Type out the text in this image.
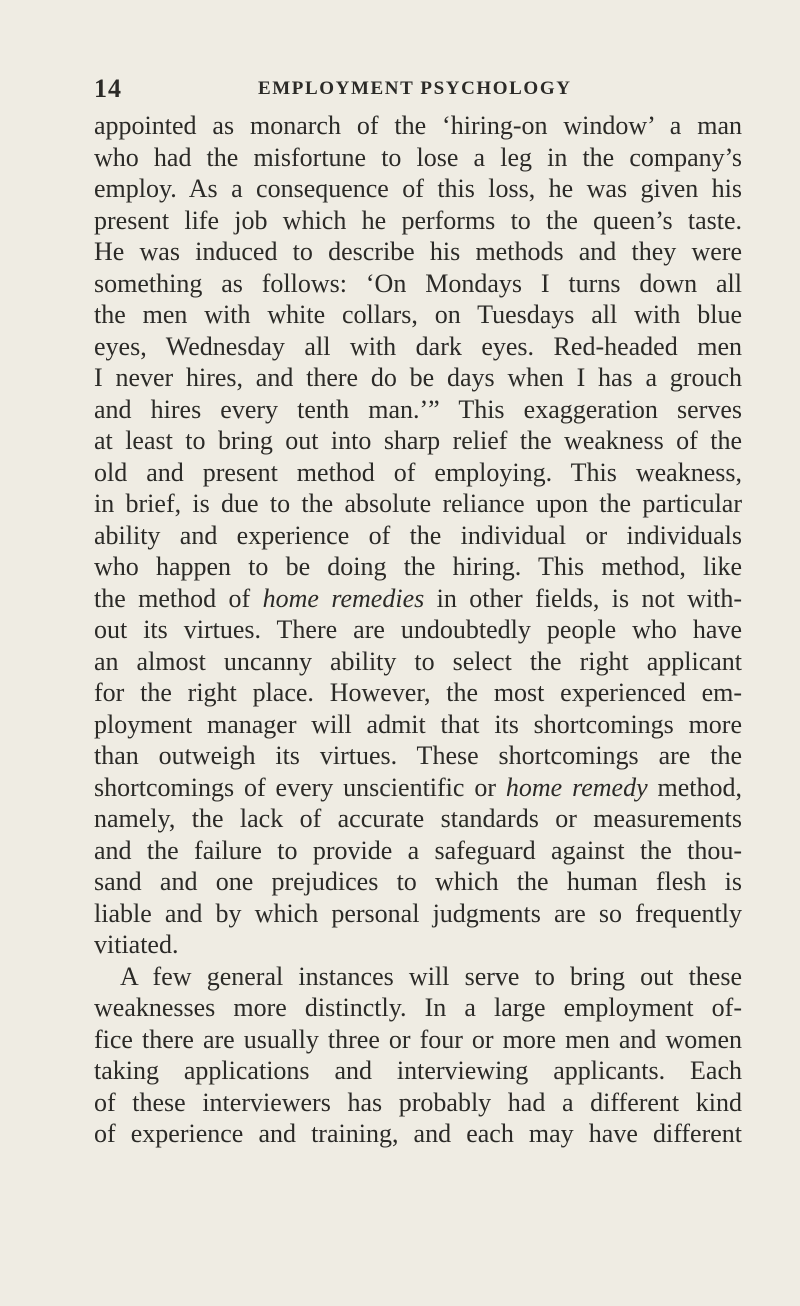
14	EMPLOYMENT PSYCHOLOGY
appointed as monarch of the ‘hiring-on window’ a man
who had the misfortune to lose a leg in the company’s
employ. As a consequence of this loss, he was given his
present life job which he performs to the queen’s taste.
He was induced to describe his methods and they were
something as follows: ‘On Mondays I turns down all
the men with white collars, on Tuesdays all with blue
eyes, Wednesday all with dark eyes. Red-headed men
I never hires, and there do be days when I has a grouch
and hires every tenth man.’” This exaggeration serves
at least to bring out into sharp relief the weakness of the
old and present method of employing. This weakness,
in brief, is due to the absolute reliance upon the particular
ability and experience of the individual or individuals
who happen to be doing the hiring. This method, like
the method of home remedies in other fields, is not with-
out its virtues. There are undoubtedly people who have
an almost uncanny ability to select the right applicant
for the right place. However, the most experienced em-
ployment manager will admit that its shortcomings more
than outweigh its virtues. These shortcomings are the
shortcomings of every unscientific or home remedy method,
namely, the lack of accurate standards or measurements
and the failure to provide a safeguard against the thou-
sand and one prejudices to which the human flesh is
liable and by which personal judgments are so frequently
vitiated.
A few general instances will serve to bring out these
weaknesses more distinctly. In a large employment of-
fice there are usually three or four or more men and women
taking applications and interviewing applicants. Each
of these interviewers has probably had a different kind
of experience and training, and each may have different
